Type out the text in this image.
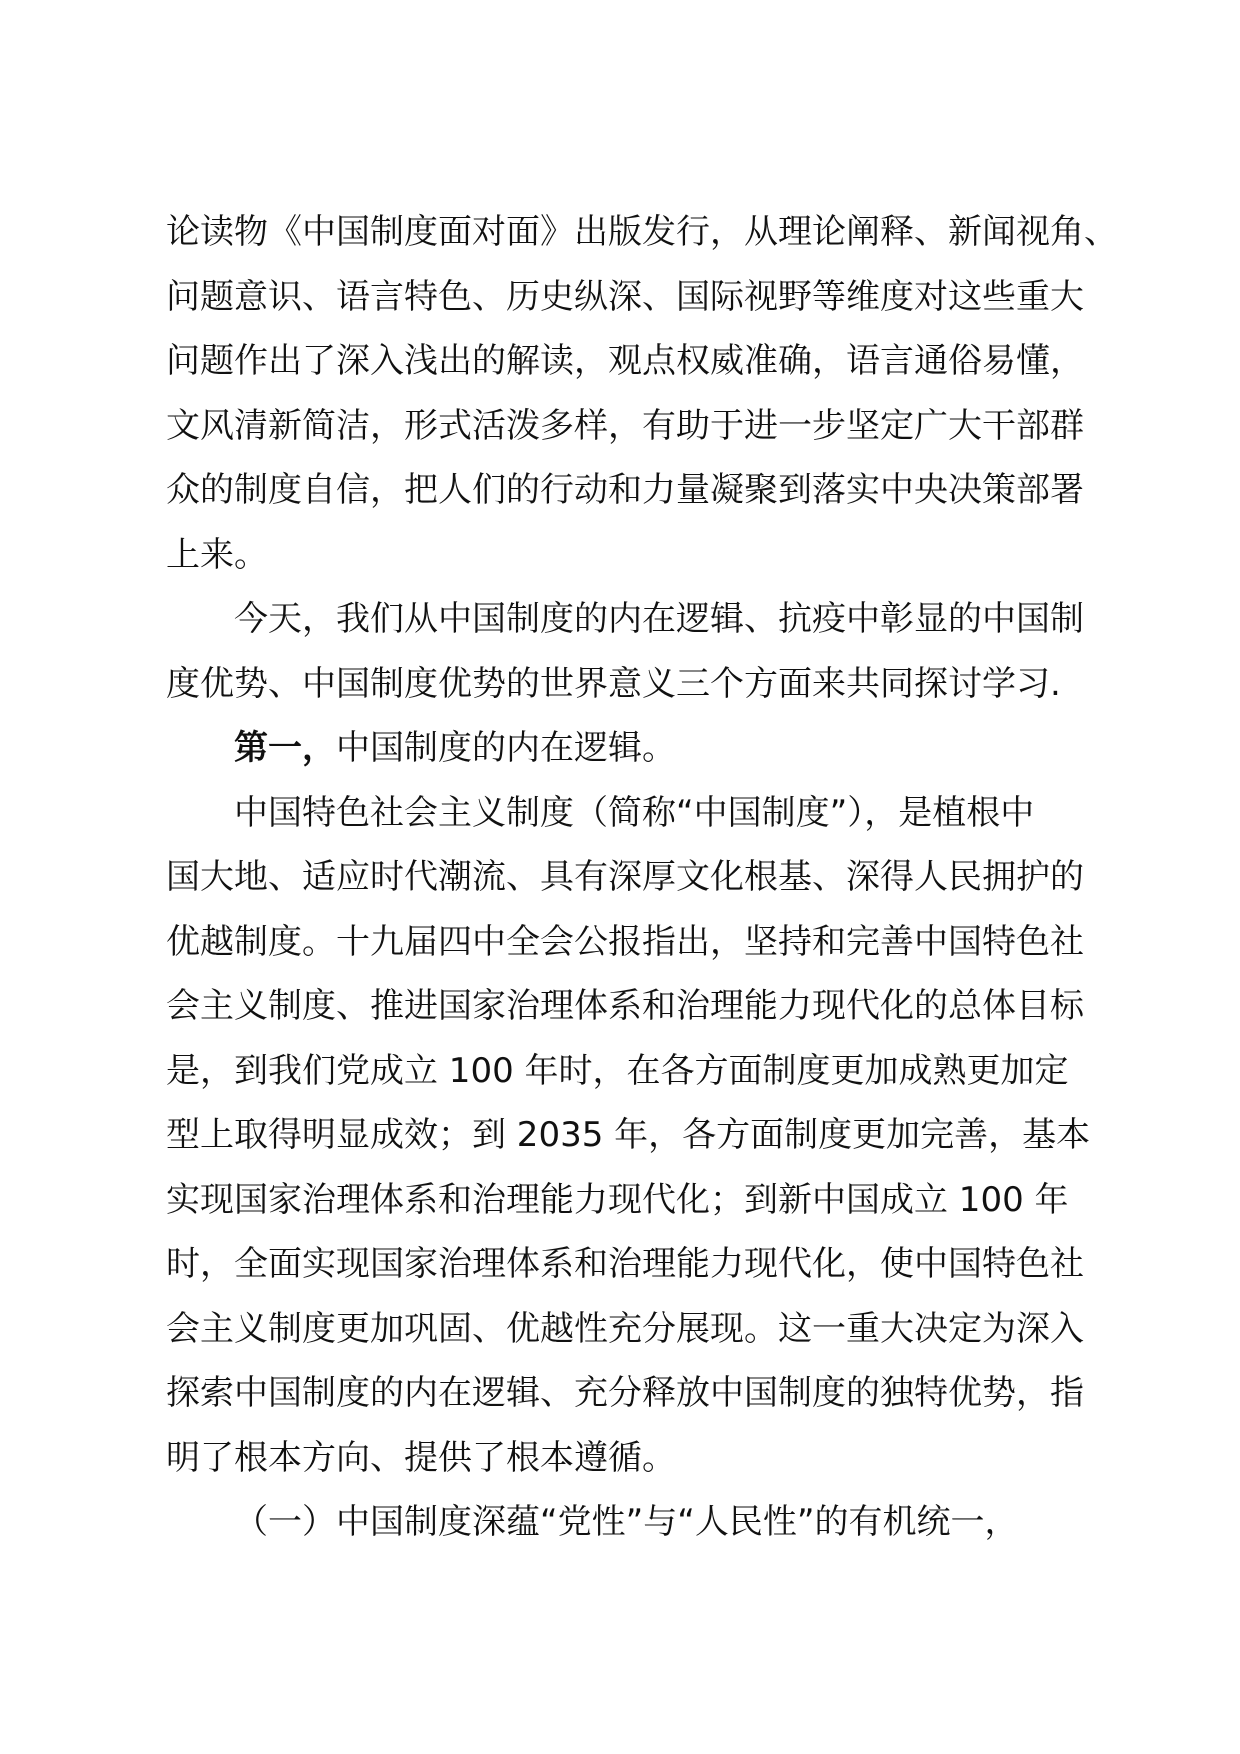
论读物《中国制度面对面》出版发行，从理论阐释、新闻视角、
问题意识、语言特色、历史纵深、国际视野等维度对这些重大
问题作出了深入浅出的解读，观点权威准确，语言通俗易懂，
文风清新简洁，形式活泼多样，有助于进一步坚定广大干部群
众的制度自信，把人们的行动和力量凝聚到落实中央决策部署
上来。
今天，我们从中国制度的内在逻辑、抗疫中彰显的中国制
度优势、中国制度优势的世界意义三个方面来共同探讨学习.
第一，中国制度的内在逻辑。
中国特色社会主义制度（简称“中国制度”），是植根中
国大地、适应时代潮流、具有深厚文化根基、深得人民拥护的
优越制度。十九届四中全会公报指出，坚持和完善中国特色社
会主义制度、推进国家治理体系和治理能力现代化的总体目标
是，到我们党成立 100 年时，在各方面制度更加成熟更加定
型上取得明显成效；到 2035 年，各方面制度更加完善，基本
实现国家治理体系和治理能力现代化；到新中国成立 100 年
时，全面实现国家治理体系和治理能力现代化，使中国特色社
会主义制度更加巩固、优越性充分展现。这一重大决定为深入
探索中国制度的内在逻辑、充分释放中国制度的独特优势，指
明了根本方向、提供了根本遵循。
（一）中国制度深蕴“党性”与“人民性”的有机统一，
